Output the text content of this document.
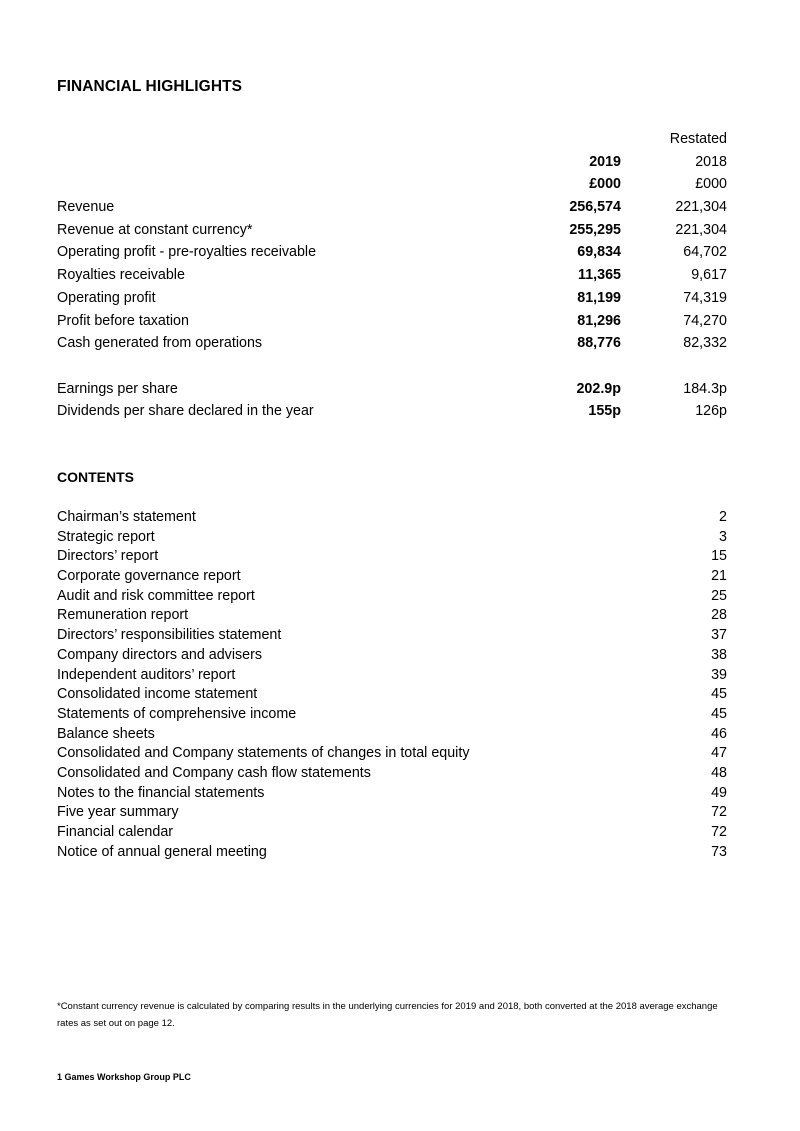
FINANCIAL HIGHLIGHTS
Restated
2019	2018
£000	£000
Revenue	256,574	221,304
Revenue at constant currency*	255,295	221,304
Operating profit - pre-royalties receivable	69,834	64,702
Royalties receivable	11,365	9,617
Operating profit	81,199	74,319
Profit before taxation	81,296	74,270
Cash generated from operations	88,776	82,332
Earnings per share	202.9p	184.3p
Dividends per share declared in the year	155p	126p
CONTENTS
Chairman’s statement	2
Strategic report	3
Directors’ report	15
Corporate governance report	21
Audit and risk committee report	25
Remuneration report	28
Directors’ responsibilities statement	37
Company directors and advisers	38
Independent auditors’ report	39
Consolidated income statement	45
Statements of comprehensive income	45
Balance sheets	46
Consolidated and Company statements of changes in total equity	47
Consolidated and Company cash flow statements	48
Notes to the financial statements	49
Five year summary	72
Financial calendar	72
Notice of annual general meeting	73
*Constant currency revenue is calculated by comparing results in the underlying currencies for 2019 and 2018, both converted at the 2018 average exchange rates as set out on page 12.
1 Games Workshop Group PLC
